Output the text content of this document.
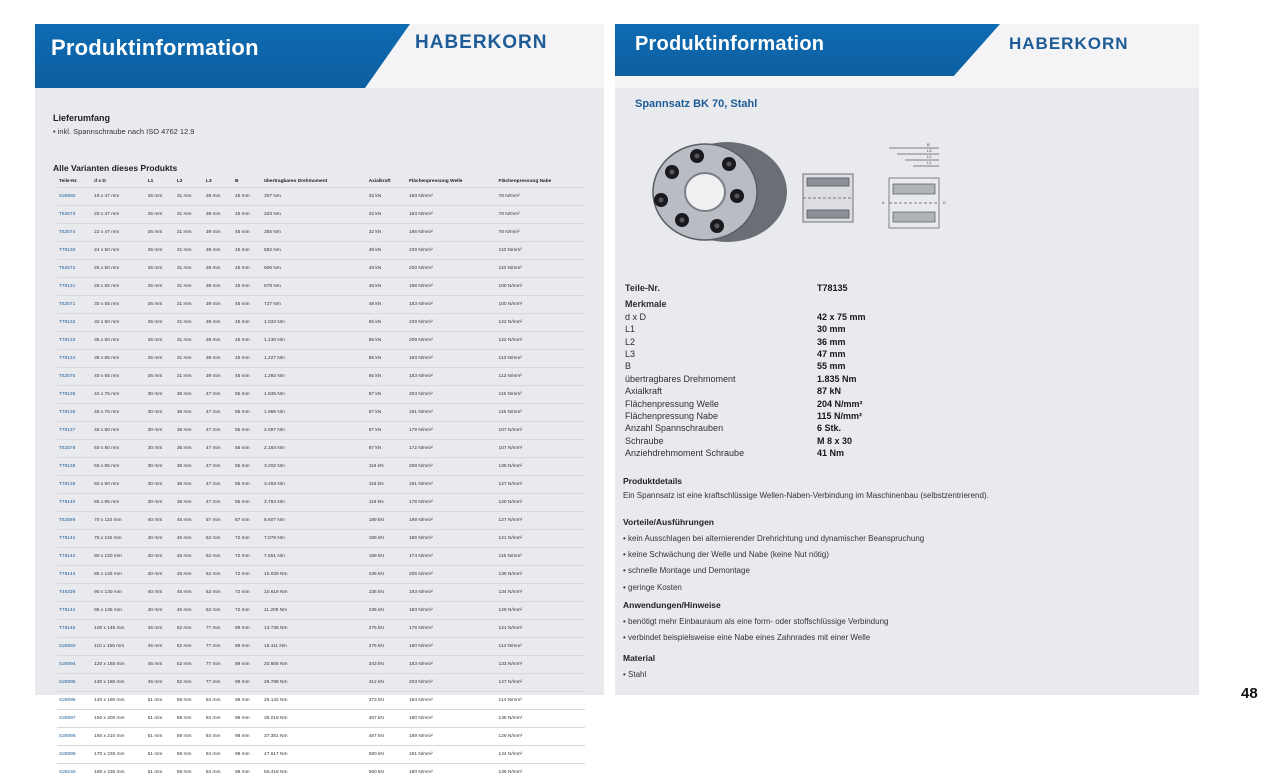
Produktinformation	HABERKORN
Lieferumfang
• inkl. Spannschraube nach ISO 4762 12.9
Alle Varianten dieses Produkts
Teile-Nr.	d x D	L1	L2	L3	B	übertragbares Drehmoment	Axialkraft	Flächenpressung Welle	Flächenpressung Nabe
S28092	19 x 47 mm	26 mm	31 mm	39 mm	45 mm	307 Nm	32 kN	193 N/mm²	78 N/mm²
T62573	20 x 47 mm	26 mm	31 mm	39 mm	45 mm	323 Nm	32 kN	183 N/mm²	78 N/mm²
T62574	22 x 47 mm	26 mm	31 mm	39 mm	45 mm	355 Nm	32 kN	166 N/mm²	78 N/mm²
T78130	24 x 50 mm	26 mm	31 mm	39 mm	45 mm	582 Nm	48 kN	229 N/mm²	110 N/mm²
T62572	25 x 50 mm	26 mm	31 mm	39 mm	45 mm	606 Nm	48 kN	220 N/mm²	110 N/mm²
T78131	28 x 55 mm	26 mm	31 mm	39 mm	45 mm	679 Nm	48 kN	196 N/mm²	100 N/mm²
T62571	30 x 55 mm	26 mm	31 mm	39 mm	45 mm	727 Nm	48 kN	183 N/mm²	100 N/mm²
T78132	32 x 60 mm	26 mm	31 mm	39 mm	45 mm	1.033 Nm	65 kN	229 N/mm²	122 N/mm²
T78133	35 x 60 mm	26 mm	31 mm	39 mm	45 mm	1.130 Nm	65 kN	209 N/mm²	122 N/mm²
T78134	38 x 65 mm	26 mm	31 mm	39 mm	45 mm	1.227 Nm	65 kN	193 N/mm²	113 N/mm²
T62575	40 x 65 mm	26 mm	31 mm	39 mm	45 mm	1.292 Nm	65 kN	183 N/mm²	113 N/mm²
T78135	42 x 75 mm	30 mm	36 mm	47 mm	55 mm	1.835 Nm	87 kN	204 N/mm²	115 N/mm²
T78136	45 x 75 mm	30 mm	36 mm	47 mm	55 mm	1.966 Nm	87 kN	191 N/mm²	115 N/mm²
T78137	48 x 80 mm	30 mm	36 mm	47 mm	55 mm	2.097 Nm	87 kN	179 N/mm²	107 N/mm²
T61678	50 x 80 mm	30 mm	36 mm	47 mm	55 mm	2.184 Nm	87 kN	172 N/mm²	107 N/mm²
T78138	55 x 85 mm	30 mm	36 mm	47 mm	55 mm	3.202 Nm	116 kN	208 N/mm²	135 N/mm²
T78139	60 x 90 mm	30 mm	36 mm	47 mm	55 mm	3.493 Nm	116 kN	191 N/mm²	127 N/mm²
T78140	65 x 95 mm	30 mm	36 mm	47 mm	55 mm	3.784 Nm	116 kN	176 N/mm²	120 N/mm²
T62569	70 x 110 mm	40 mm	45 mm	57 mm	67 mm	6.607 Nm	189 kN	199 N/mm²	127 N/mm²
T78141	75 x 115 mm	40 mm	45 mm	62 mm	72 mm	7.079 Nm	189 kN	186 N/mm²	121 N/mm²
T78142	80 x 120 mm	40 mm	45 mm	62 mm	72 mm	7.551 Nm	189 kN	174 N/mm²	116 N/mm²
T78143	85 x 125 mm	40 mm	45 mm	62 mm	72 mm	10.029 Nm	236 kN	205 N/mm²	139 N/mm²
T46339	90 x 130 mm	40 mm	45 mm	62 mm	72 mm	10.619 Nm	236 kN	193 N/mm²	134 N/mm²
T78144	95 x 135 mm	40 mm	45 mm	62 mm	72 mm	11.209 Nm	236 kN	183 N/mm²	129 N/mm²
T78145	100 x 145 mm	46 mm	52 mm	77 mm	89 mm	13.736 Nm	275 kN	176 N/mm²	121 N/mm²
S28093	110 x 155 mm	46 mm	52 mm	77 mm	89 mm	15.111 Nm	275 kN	160 N/mm²	114 N/mm²
S28094	120 x 165 mm	46 mm	52 mm	77 mm	89 mm	20.606 Nm	343 kN	183 N/mm²	133 N/mm²
S28095	130 x 180 mm	46 mm	52 mm	77 mm	89 mm	26.788 Nm	412 kN	203 N/mm²	147 N/mm²
S28096	140 x 190 mm	51 mm	59 mm	84 mm	98 mm	26.142 Nm	373 kN	154 N/mm²	114 N/mm²
S28097	150 x 200 mm	51 mm	59 mm	84 mm	98 mm	35.018 Nm	467 kN	180 N/mm²	135 N/mm²
S28098	160 x 210 mm	51 mm	59 mm	84 mm	98 mm	37.351 Nm	467 kN	169 N/mm²	129 N/mm²
S28099	170 x 225 mm	51 mm	59 mm	84 mm	98 mm	47.617 Nm	560 kN	191 N/mm²	144 N/mm²
S28150	180 x 235 mm	51 mm	59 mm	84 mm	98 mm	50.418 Nm	560 kN	180 N/mm²	136 N/mm²
Produktinformation	HABERKORN
Spannsatz BK 70, Stahl
B
L3
L2
L1
d	D
Teile-Nr.	T78135
Merkmale
d x D	42 x 75 mm
L1	30 mm
L2	36 mm
L3	47 mm
B	55 mm
übertragbares Drehmoment	1.835 Nm
Axialkraft	87 kN
Flächenpressung Welle	204 N/mm²
Flächenpressung Nabe	115 N/mm²
Anzahl Spannschrauben	6 Stk.
Schraube	M 8 x 30
Anziehdrehmoment Schraube	41 Nm
Produktdetails
Ein Spannsatz ist eine kraftschlüssige Wellen-Naben-Verbindung im Maschinenbau (selbstzentrierend).
Vorteile/Ausführungen
• kein Ausschlagen bei alternierender Drehrichtung und dynamischer Beanspruchung
• keine Schwächung der Welle und Nabe (keine Nut nötig)
• schnelle Montage und Demontage
• geringe Kosten
Anwendungen/Hinweise
• benötigt mehr Einbauraum als eine form- oder stoffschlüssige Verbindung
• verbindet beispielsweise eine Nabe eines Zahnrades mit einer Welle
Material
• Stahl
48
